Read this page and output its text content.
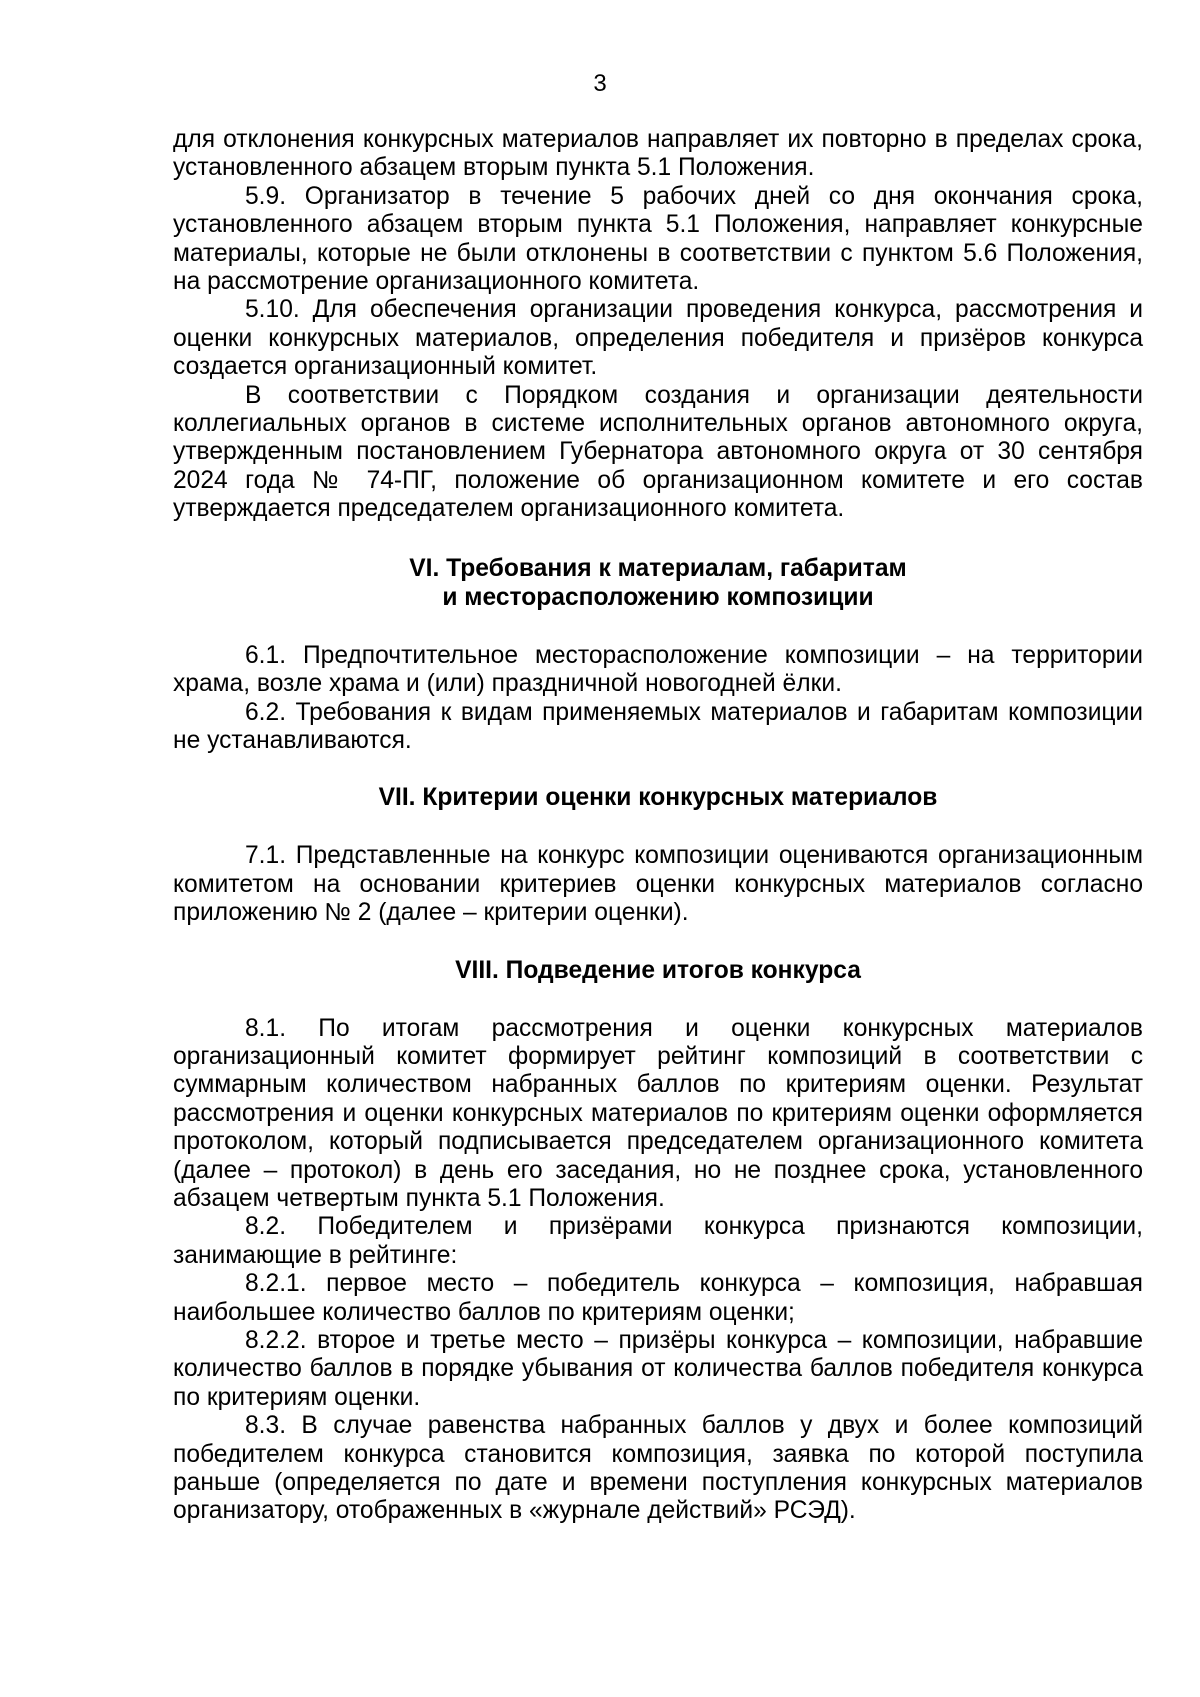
3

для отклонения конкурсных материалов направляет их повторно в пределах срока, установленного абзацем вторым пункта 5.1 Положения.

5.9. Организатор в течение 5 рабочих дней со дня окончания срока, установленного абзацем вторым пункта 5.1 Положения, направляет конкурсные материалы, которые не были отклонены в соответствии с пунктом 5.6 Положения, на рассмотрение организационного комитета.

5.10. Для обеспечения организации проведения конкурса, рассмотрения и оценки конкурсных материалов, определения победителя и призёров конкурса создается организационный комитет.

В соответствии с Порядком создания и организации деятельности коллегиальных органов в системе исполнительных органов автономного округа, утвержденным постановлением Губернатора автономного округа от 30 сентября 2024 года № 74-ПГ, положение об организационном комитете и его состав утверждается председателем организационного комитета.

VI. Требования к материалам, габаритам

и месторасположению композиции

6.1. Предпочтительное месторасположение композиции – на территории храма, возле храма и (или) праздничной новогодней ёлки.

6.2. Требования к видам применяемых материалов и габаритам композиции не устанавливаются.

VII. Критерии оценки конкурсных материалов

7.1. Представленные на конкурс композиции оцениваются организационным комитетом на основании критериев оценки конкурсных материалов согласно приложению № 2 (далее – критерии оценки).

VIII. Подведение итогов конкурса

8.1. По итогам рассмотрения и оценки конкурсных материалов организационный комитет формирует рейтинг композиций в соответствии с суммарным количеством набранных баллов по критериям оценки. Результат рассмотрения и оценки конкурсных материалов по критериям оценки оформляется протоколом, который подписывается председателем организационного комитета (далее – протокол) в день его заседания, но не позднее срока, установленного абзацем четвертым пункта 5.1 Положения.

8.2. Победителем и призёрами конкурса признаются композиции, занимающие в рейтинге:

8.2.1. первое место – победитель конкурса – композиция, набравшая наибольшее количество баллов по критериям оценки;

8.2.2. второе и третье место – призёры конкурса – композиции, набравшие количество баллов в порядке убывания от количества баллов победителя конкурса по критериям оценки.

8.3. В случае равенства набранных баллов у двух и более композиций победителем конкурса становится композиция, заявка по которой поступила раньше (определяется по дате и времени поступления конкурсных материалов организатору, отображенных в «журнале действий» РСЭД).
